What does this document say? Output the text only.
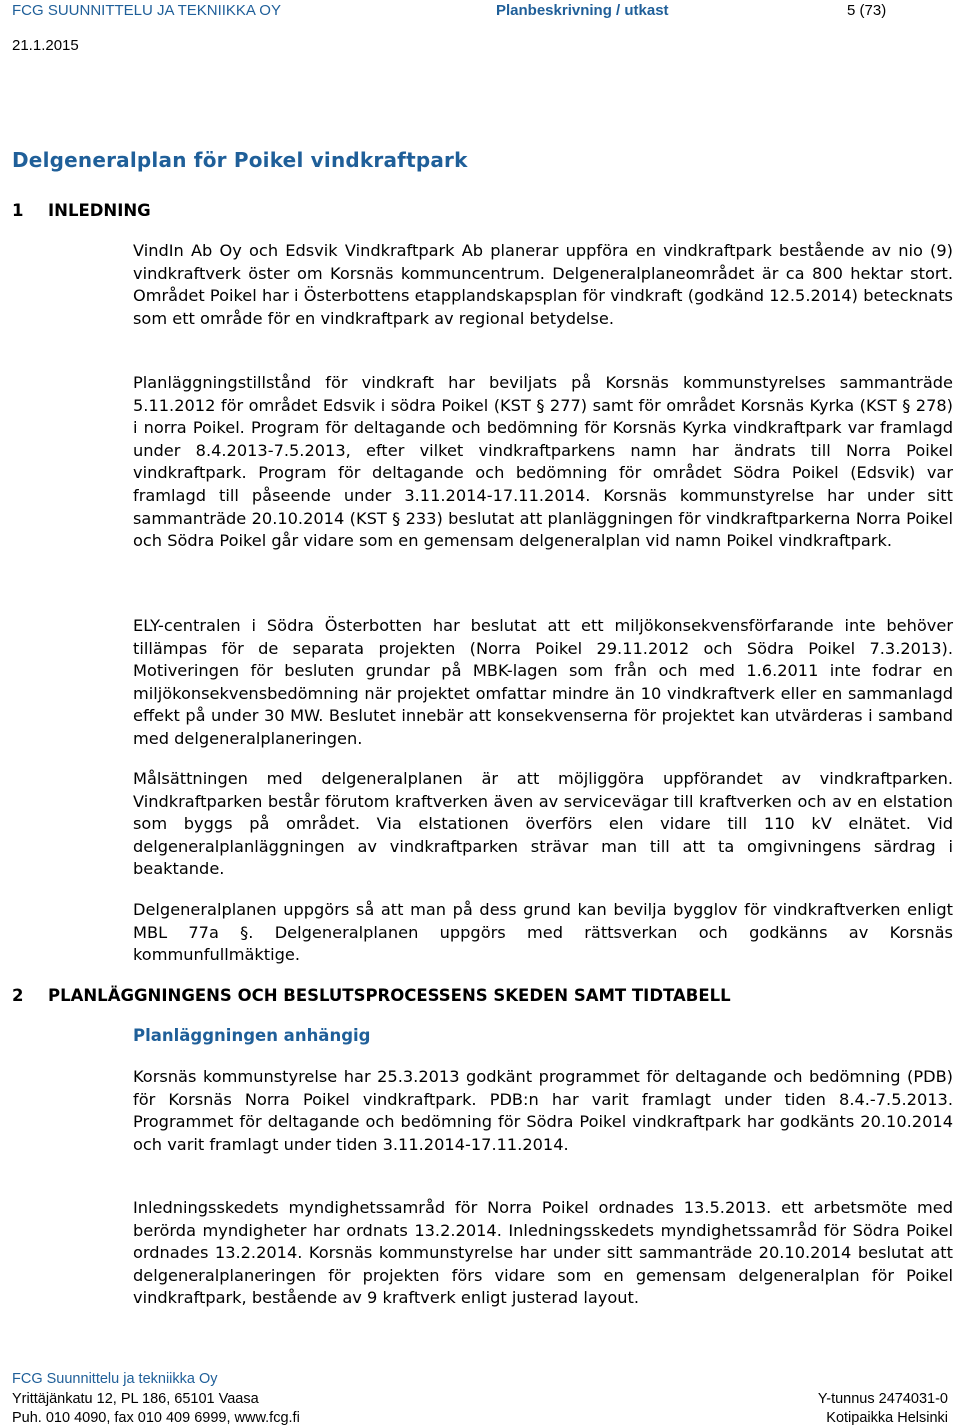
FCG SUUNNITTELU JA TEKNIIKKA OY	Planbeskrivning / utkast	5 (73)
21.1.2015
Delgeneralplan för Poikel vindkraftpark
1 INLEDNING

VindIn Ab Oy och Edsvik Vindkraftpark Ab planerar uppföra en vindkraftpark bestående av nio (9) vindkraftverk öster om Korsnäs kommuncentrum. Delgeneralplaneområdet är ca 800 hektar stort. Området Poikel har i Österbottens etapplandskapsplan för vindkraft (godkänd 12.5.2014) betecknats som ett område för en vindkraftpark av regional betydelse.

Planläggningstillstånd för vindkraft har beviljats på Korsnäs kommunstyrelses sammanträde 5.11.2012 för området Edsvik i södra Poikel (KST § 277) samt för området Korsnäs Kyrka (KST § 278) i norra Poikel. Program för deltagande och bedömning för Korsnäs Kyrka vindkraftpark var framlagd under 8.4.2013-7.5.2013, efter vilket vindkraftparkens namn har ändrats till Norra Poikel vindkraftpark. Program för deltagande och bedömning för området Södra Poikel (Edsvik) var framlagd till påseende under 3.11.2014-17.11.2014. Korsnäs kommunstyrelse har under sitt sammanträde 20.10.2014 (KST § 233) beslutat att planläggningen för vindkraftparkerna Norra Poikel och Södra Poikel går vidare som en gemensam delgeneralplan vid namn Poikel vindkraftpark.

ELY-centralen i Södra Österbotten har beslutat att ett miljökonsekvensförfarande inte behöver tillämpas för de separata projekten (Norra Poikel 29.11.2012 och Södra Poikel 7.3.2013). Motiveringen för besluten grundar på MBK-lagen som från och med 1.6.2011 inte fodrar en miljökonsekvensbedömning när projektet omfattar mindre än 10 vindkraftverk eller en sammanlagd effekt på under 30 MW. Beslutet innebär att konsekvenserna för projektet kan utvärderas i samband med delgeneralplaneringen.

Målsättningen med delgeneralplanen är att möjliggöra uppförandet av vindkraftparken. Vindkraftparken består förutom kraftverken även av servicevägar till kraftverken och av en elstation som byggs på området. Via elstationen överförs elen vidare till 110 kV elnätet. Vid delgeneralplanläggningen av vindkraftparken strävar man till att ta omgivningens särdrag i beaktande.

Delgeneralplanen uppgörs så att man på dess grund kan bevilja bygglov för vindkraftverken enligt MBL 77a §. Delgeneralplanen uppgörs med rättsverkan och godkänns av Korsnäs kommunfullmäktige.

2 PLANLÄGGNINGENS OCH BESLUTSPROCESSENS SKEDEN SAMT TIDTABELL
Planläggningen anhängig

Korsnäs kommunstyrelse har 25.3.2013 godkänt programmet för deltagande och bedömning (PDB) för Korsnäs Norra Poikel vindkraftpark. PDB:n har varit framlagt under tiden 8.4.-7.5.2013. Programmet för deltagande och bedömning för Södra Poikel vindkraftpark har godkänts 20.10.2014 och varit framlagt under tiden 3.11.2014-17.11.2014.

Inledningsskedets myndighetssamråd för Norra Poikel ordnades 13.5.2013. ett arbetsmöte med berörda myndigheter har ordnats 13.2.2014. Inledningsskedets myndighetssamråd för Södra Poikel ordnades 13.2.2014. Korsnäs kommunstyrelse har under sitt sammanträde 20.10.2014 beslutat att delgeneralplaneringen för projekten förs vidare som en gemensam delgeneralplan för Poikel vindkraftpark, bestående av 9 kraftverk enligt justerad layout.

FCG Suunnittelu ja tekniikka Oy
Yrittäjänkatu 12, PL 186, 65101 Vaasa
Puh. 010 4090, fax 010 409 6999, www.fcg.fi
Y-tunnus 2474031-0
Kotipaikka Helsinki
